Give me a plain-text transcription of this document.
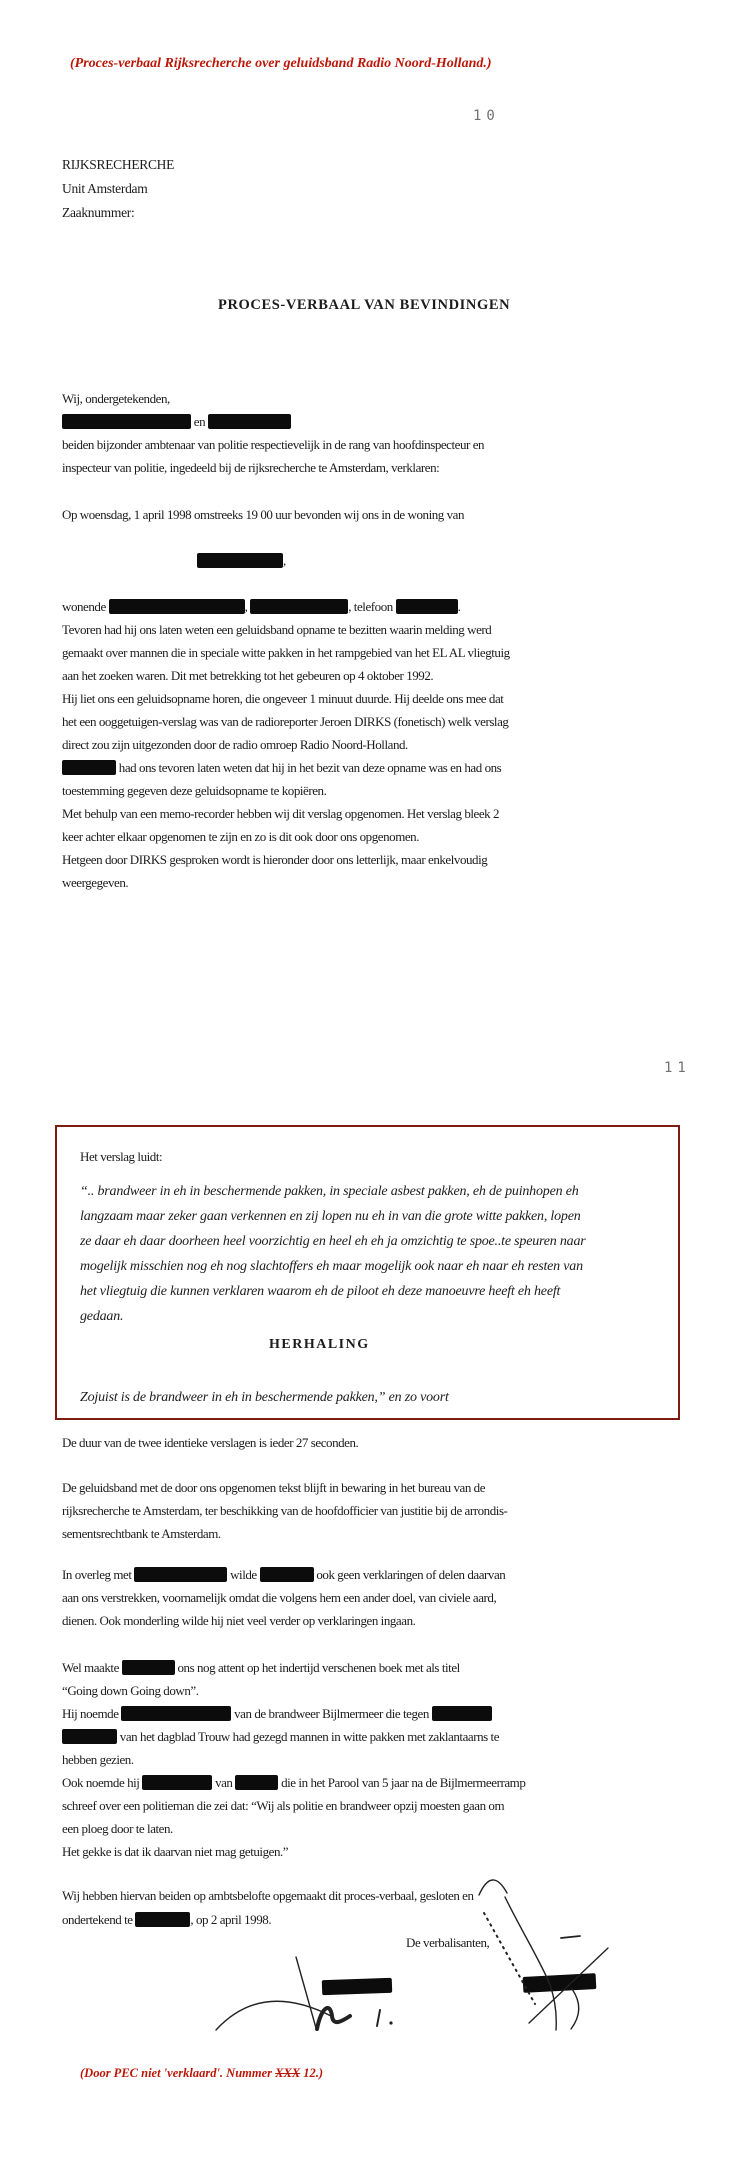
(Proces-verbaal Rijksrecherche over geluidsband Radio Noord-Holland.)
10
RIJKSRECHERCHE
Unit Amsterdam
Zaaknummer:
PROCES-VERBAAL VAN BEVINDINGEN
Wij, ondergetekenden,
en
beiden bijzonder ambtenaar van politie respectievelijk in de rang van hoofdinspecteur en
inspecteur van politie, ingedeeld bij de rijksrecherche te Amsterdam, verklaren:
Op woensdag, 1 april 1998 omstreeks 19 00 uur bevonden wij ons in de woning van
,
wonende	,	, telefoon	.
Tevoren had hij ons laten weten een geluidsband opname te bezitten waarin melding werd
gemaakt over mannen die in speciale witte pakken in het rampgebied van het EL AL vliegtuig
aan het zoeken waren. Dit met betrekking tot het gebeuren op 4 oktober 1992.
Hij liet ons een geluidsopname horen, die ongeveer 1 minuut duurde. Hij deelde ons mee dat
het een ooggetuigen-verslag was van de radioreporter Jeroen DIRKS (fonetisch) welk verslag
direct zou zijn uitgezonden door de radio omroep Radio Noord-Holland.
had ons tevoren laten weten dat hij in het bezit van deze opname was en had ons
toestemming gegeven deze geluidsopname te kopiëren.
Met behulp van een memo-recorder hebben wij dit verslag opgenomen. Het verslag bleek 2
keer achter elkaar opgenomen te zijn en zo is dit ook door ons opgenomen.
Hetgeen door DIRKS gesproken wordt is hieronder door ons letterlijk, maar enkelvoudig
weergegeven.
11
Het verslag luidt:
“.. brandweer in eh in beschermende pakken, in speciale asbest pakken, eh de puinhopen eh
langzaam maar zeker gaan verkennen en zij lopen nu eh in van die grote witte pakken, lopen
ze daar eh daar doorheen heel voorzichtig en heel eh eh ja omzichtig te spoe..te speuren naar
mogelijk misschien nog eh nog slachtoffers eh maar mogelijk ook naar eh naar eh resten van
het vliegtuig die kunnen verklaren waarom eh de piloot eh deze manoeuvre heeft eh heeft
gedaan.
HERHALING
Zojuist is de brandweer in eh in beschermende pakken,” en zo voort
De duur van de twee identieke verslagen is ieder 27 seconden.
De geluidsband met de door ons opgenomen tekst blijft in bewaring in het bureau van de
rijksrecherche te Amsterdam, ter beschikking van de hoofdofficier van justitie bij de arrondis-
sementsrechtbank te Amsterdam.
In overleg met	wilde	ook geen verklaringen of delen daarvan
aan ons verstrekken, voornamelijk omdat die volgens hem een ander doel, van civiele aard,
dienen. Ook monderling wilde hij niet veel verder op verklaringen ingaan.
Wel maakte	ons nog attent op het indertijd verschenen boek met als titel
“Going down Going down”.
Hij noemde	van de brandweer Bijlmermeer die tegen
van het dagblad Trouw had gezegd mannen in witte pakken met zaklantaarns te
hebben gezien.
Ook noemde hij	van	die in het Parool van 5 jaar na de Bijlmermeerramp
schreef over een politieman die zei dat: “Wij als politie en brandweer opzij moesten gaan om
een ploeg door te laten.
Het gekke is dat ik daarvan niet mag getuigen.”
Wij hebben hiervan beiden op ambtsbelofte opgemaakt dit proces-verbaal, gesloten en
ondertekend te	, op 2 april 1998.
De verbalisanten,
(Door PEC niet 'verklaard'. Nummer XXX 12.)
